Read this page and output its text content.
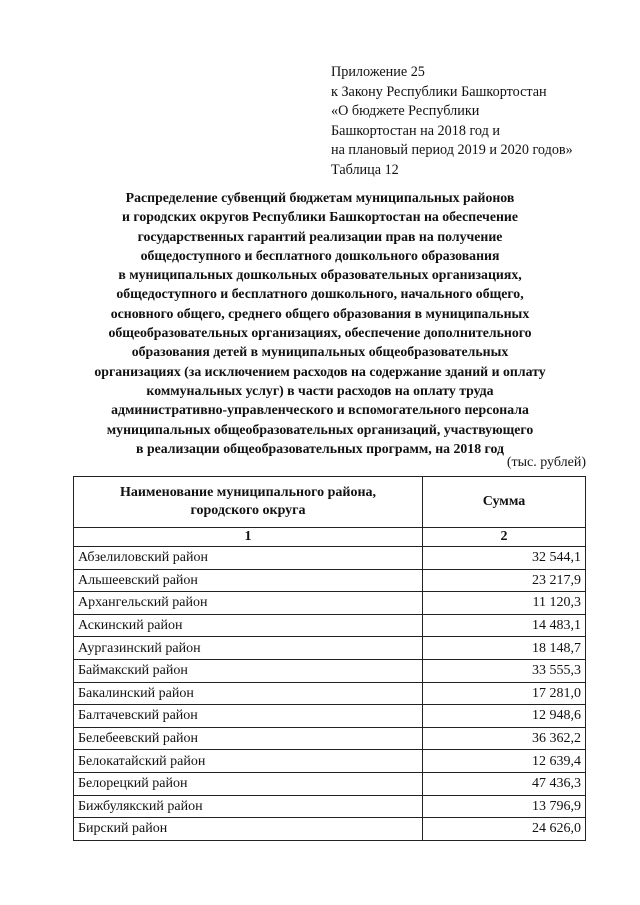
Приложение 25
к Закону Республики Башкортостан
«О бюджете Республики
Башкортостан на 2018 год и
на плановый период 2019 и 2020 годов»
Таблица 12
Распределение субвенций бюджетам муниципальных районов
и городских округов Республики Башкортостан на обеспечение
государственных гарантий реализации прав на получение
общедоступного и бесплатного дошкольного образования
в муниципальных дошкольных образовательных организациях,
общедоступного и бесплатного дошкольного, начального общего,
основного общего, среднего общего образования в муниципальных
общеобразовательных организациях, обеспечение дополнительного
образования детей в муниципальных общеобразовательных
организациях (за исключением расходов на содержание зданий и оплату
коммунальных услуг) в части расходов на оплату труда
административно-управленческого и вспомогательного персонала
муниципальных общеобразовательных организаций, участвующего
в реализации общеобразовательных программ, на 2018 год
(тыс. рублей)
Наименование муниципального района,
городского округа	Сумма
1	2
Абзелиловский район	32 544,1
Альшеевский район	23 217,9
Архангельский район	11 120,3
Аскинский район	14 483,1
Аургазинский район	18 148,7
Баймакский район	33 555,3
Бакалинский район	17 281,0
Балтачевский район	12 948,6
Белебеевский район	36 362,2
Белокатайский район	12 639,4
Белорецкий район	47 436,3
Бижбулякский район	13 796,9
Бирский район	24 626,0
